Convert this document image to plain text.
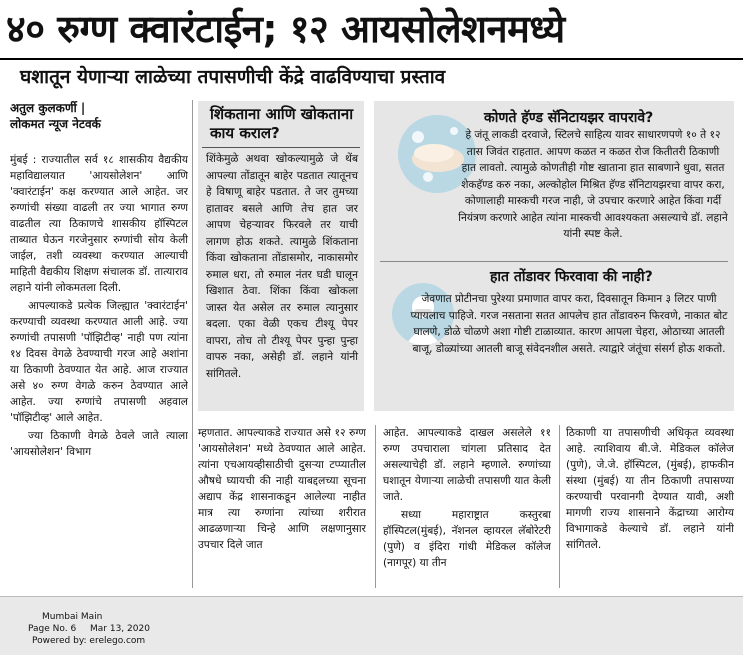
४० रुग्ण क्वारंटाईन; १२ आयसोलेशनमध्ये
घशातून येणाऱ्या लाळेच्या तपासणीची केंद्रे वाढविण्याचा प्रस्ताव
अतुल कुलकर्णी |
लोकमत न्यूज नेटवर्क

मुंबई : राज्यातील सर्व १८ शासकीय वैद्यकीय महाविद्यालयात 'आयसोलेशन' आणि 'क्वारंटाईन' कक्ष करण्यात आले आहेत. जर रुग्णांची संख्या वाढली तर ज्या भागात रुग्ण वाढतील त्या ठिकाणचे शासकीय हॉस्पिटल ताब्यात घेऊन गरजेनुसार रुग्णांची सोय केली जाईल, तशी व्यवस्था करण्यात आल्याची माहिती वैद्यकीय शिक्षण संचालक डॉ. तात्याराव लहाने यांनी लोकमतला दिली.

आपल्याकडे प्रत्येक जिल्ह्यात 'क्वारंटाईन' करण्याची व्यवस्था करण्यात आली आहे. ज्या रुग्णांची तपासणी 'पॉझिटीव्ह' नाही पण त्यांना १४ दिवस वेगळे ठेवण्याची गरज आहे अशांना या ठिकाणी ठेवण्यात येत आहे. आज राज्यात असे ४० रुग्ण वेगळे करुन ठेवण्यात आले आहेत. ज्या रुग्णांचे तपासणी अहवाल 'पॉझिटीव्ह' आले आहेत.

ज्या ठिकाणी वेगळे ठेवले जाते त्याला 'आयसोलेशन' विभाग

शिंकताना आणि खोकताना काय कराल?
शिंकेमुळे अथवा खोकल्यामुळे जे थेंब आपल्या तोंडातून बाहेर पडतात त्यातूनच हे विषाणू बाहेर पडतात. ते जर तुमच्या हातावर बसले आणि तेच हात जर आपण चेहऱ्यावर फिरवले तर याची लागण होऊ शकते. त्यामुळे शिंकताना किंवा खोकताना तोंडासमोर, नाकासमोर रुमाल धरा, तो रुमाल नंतर घडी घालून खिशात ठेवा. शिंका किंवा खोकला जास्त येत असेल तर रुमाल त्यानुसार बदला. एका वेळी एकच टीश्यू पेपर वापरा, तोच तो टीश्यू पेपर पुन्हा पुन्हा वापरु नका, असेही डॉ. लहाने यांनी सांगितले.
कोणते हॅण्ड सॅनिटायझर वापरावे?
हे जंतू लाकडी दरवाजे, स्टिलचे साहित्य यावर साधारणपणे १० ते १२ तास जिवंत राहतात. आपण कळत न कळत रोज कितीतरी ठिकाणी हात लावतो. त्यामुळे कोणतीही गोष्ट खाताना हात साबणाने धुवा, सतत शेकहॅण्ड करु नका, अल्कोहोल मिश्रित हॅण्ड सॅनिटायझरचा वापर करा, कोणालाही मास्कची गरज नाही, जे उपचार करणारे आहेत किंवा गर्दी नियंत्रण करणारे आहेत त्यांना मास्कची आवश्यकता असल्याचे डॉ. लहाने यांनी स्पष्ट केले.
हात तोंडावर फिरवावा की नाही?
जेवणात प्रोटीनचा पुरेश्या प्रमाणात वापर करा, दिवसातून किमान ३ लिटर पाणी प्यायलाच पाहिजे. गरज नसताना सतत आपलेच हात तोंडावरुन फिरवणे, नाकात बोट घालणे, डोळे चोळणे अशा गोष्टी टाळाव्यात. कारण आपला चेहरा, ओठाच्या आतली बाजू, डोळ्यांच्या आतली बाजू संवेदनशील असते. त्याद्वारे जंतूंचा संसर्ग होऊ शकतो.

म्हणतात. आपल्याकडे राज्यात असे १२ रुग्ण 'आयसोलेशन' मध्ये ठेवण्यात आले आहेत. त्यांना एचआयव्हीसाठीची दुसऱ्या टप्प्यातील औषधे घ्यायची की नाही याबद्दलच्या सूचना अद्याप केंद्र शासनाकडून आलेल्या नाहीत मात्र त्या रुग्णांना त्यांच्या शरीरात आढळणाऱ्या चिन्हे आणि लक्षणानुसार उपचार दिले जात

आहेत. आपल्याकडे दाखल असलेले ११ रुग्ण उपचाराला चांगला प्रतिसाद देत असल्याचेही डॉ. लहाने म्हणाले. रुग्णांच्या घशातून येणाऱ्या लाळेची तपासणी यात केली जाते.

सध्या महाराष्ट्रात कस्तुरबा हॉस्पिटल(मुंबई), नॅशनल व्हायरल लॅबोरेटरी (पुणे) व इंदिरा गांधी मेडिकल कॉलेज (नागपूर) या तीन

ठिकाणी या तपासणीची अधिकृत व्यवस्था आहे. त्याशिवाय बी.जे. मेडिकल कॉलेज (पुणे), जे.जे. हॉस्पिटल, (मुंबई), हाफकीन संस्था (मुंबई) या तीन ठिकाणी तपासण्या करण्याची परवानगी देण्यात यावी, अशी मागणी राज्य शासनाने केंद्राच्या आरोग्य विभागाकडे केल्याचे डॉ. लहाने यांनी सांगितले.

Mumbai Main
Page No. 6 Mar 13, 2020
Powered by: erelego.com
